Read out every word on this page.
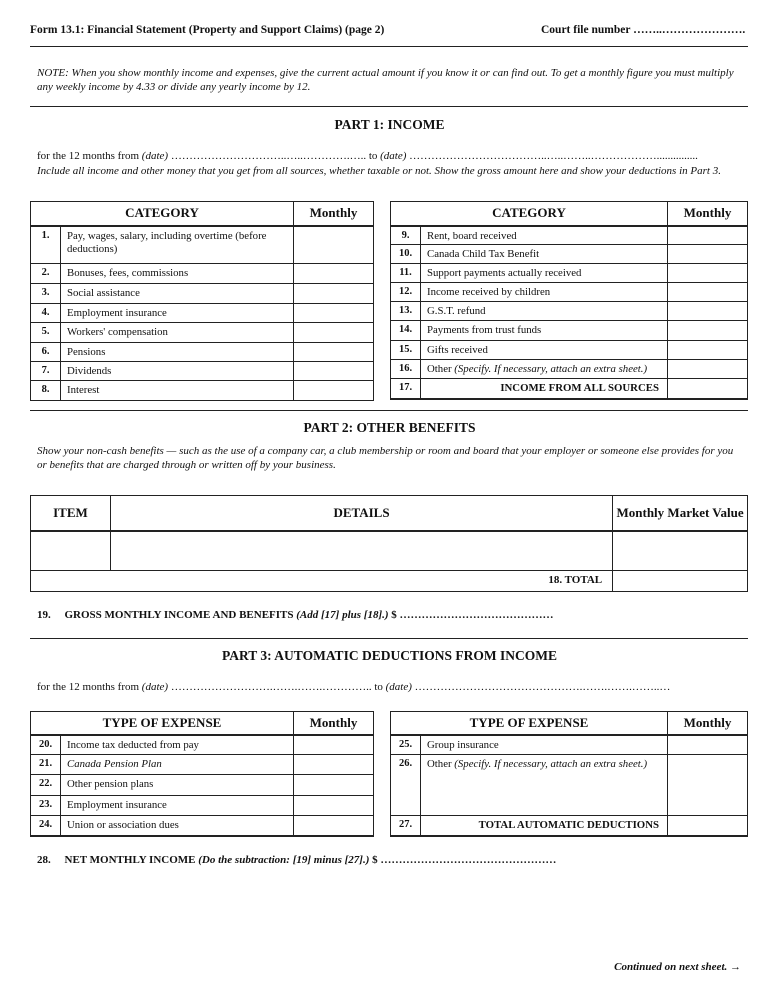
Form 13.1: Financial Statement (Property and Support Claims) (page 2)	Court file number ……..………………….
NOTE: When you show monthly income and expenses, give the current actual amount if you know it or can find out. To get a monthly figure you must multiply any weekly income by 4.33 or divide any yearly income by 12.
PART 1: INCOME
for the 12 months from (date) …………………………..…..………….….. to (date) ………………………………..…..……..………………...............
Include all income and other money that you get from all sources, whether taxable or not. Show the gross amount here and show your deductions in Part 3.
CATEGORY		Monthly
1.	Pay, wages, salary, including overtime (before deductions)	
2.	Bonuses, fees, commissions	
3.	Social assistance	
4.	Employment insurance	
5.	Workers' compensation	
6.	Pensions	
7.	Dividends	
8.	Interest	
CATEGORY		Monthly
9.	Rent, board received	
10.	Canada Child Tax Benefit	
11.	Support payments actually received	
12.	Income received by children	
13.	G.S.T. refund	
14.	Payments from trust funds	
15.	Gifts received	
16.	Other (Specify. If necessary, attach an extra sheet.)	
17.	INCOME FROM ALL SOURCES	
PART 2: OTHER BENEFITS
Show your non-cash benefits — such as the use of a company car, a club membership or room and board that your employer or someone else provides for you or benefits that are charged through or written off by your business.
ITEM	DETAILS	Monthly Market Value

18. TOTAL		
19. GROSS MONTHLY INCOME AND BENEFITS (Add [17] plus [18].) $ ……………………………………
PART 3: AUTOMATIC DEDUCTIONS FROM INCOME
for the 12 months from (date) ……………………….…….…….………….. to (date) ……………………………………….…….…….……..…
TYPE OF EXPENSE		Monthly
20.	Income tax deducted from pay	
21.	Canada Pension Plan	
22.	Other pension plans	
23.	Employment insurance	
24.	Union or association dues	
TYPE OF EXPENSE		Monthly
25.	Group insurance	
26.	Other (Specify. If necessary, attach an extra sheet.)	
27.	TOTAL AUTOMATIC DEDUCTIONS	
28. NET MONTHLY INCOME (Do the subtraction: [19] minus [27].) $ …………………………………………
Continued on next sheet. →
